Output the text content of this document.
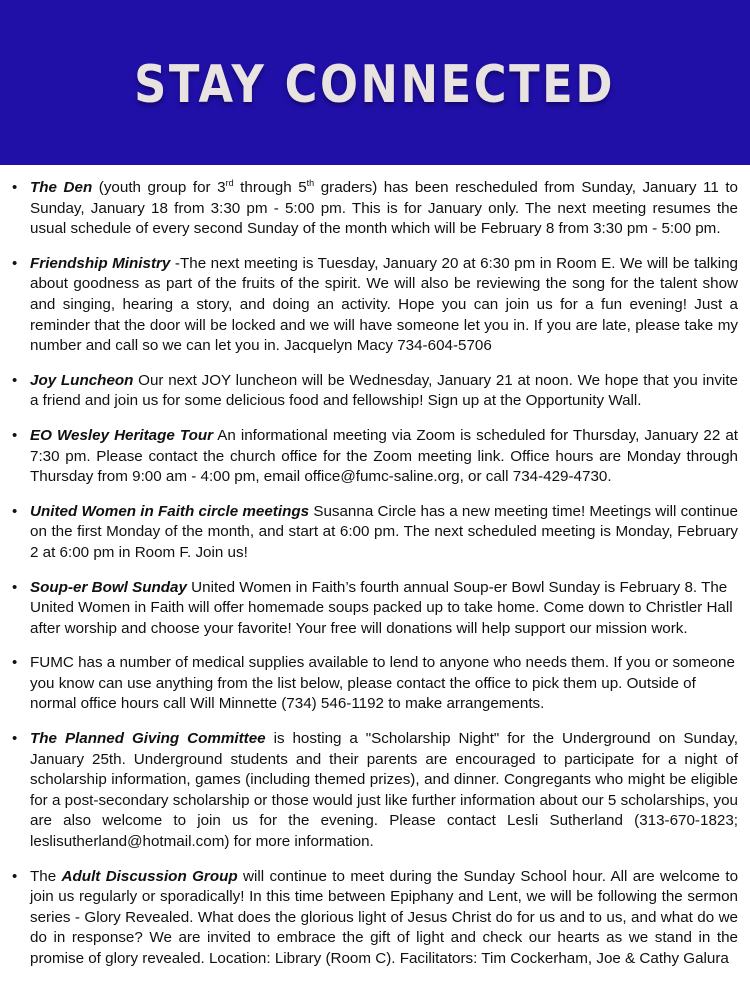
STAY CONNECTED
• The Den (youth group for 3rd through 5th graders) has been rescheduled from Sunday, January 11 to Sunday, January 18 from 3:30 pm - 5:00 pm. This is for January only. The next meeting resumes the usual schedule of every second Sunday of the month which will be February 8 from 3:30 pm - 5:00 pm.
• Friendship Ministry -The next meeting is Tuesday, January 20 at 6:30 pm in Room E. We will be talking about goodness as part of the fruits of the spirit. We will also be reviewing the song for the talent show and singing, hearing a story, and doing an activity. Hope you can join us for a fun evening! Just a reminder that the door will be locked and we will have someone let you in. If you are late, please take my number and call so we can let you in. Jacquelyn Macy 734-604-5706
• Joy Luncheon Our next JOY luncheon will be Wednesday, January 21 at noon. We hope that you invite a friend and join us for some delicious food and fellowship! Sign up at the Opportunity Wall.
• EO Wesley Heritage Tour An informational meeting via Zoom is scheduled for Thursday, January 22 at 7:30 pm. Please contact the church office for the Zoom meeting link. Office hours are Monday through Thursday from 9:00 am - 4:00 pm, email office@fumc-saline.org, or call 734-429-4730.
• United Women in Faith circle meetings Susanna Circle has a new meeting time! Meetings will continue on the first Monday of the month, and start at 6:00 pm. The next scheduled meeting is Monday, February 2 at 6:00 pm in Room F. Join us!
• Soup-er Bowl Sunday United Women in Faith’s fourth annual Soup-er Bowl Sunday is February 8. The United Women in Faith will offer homemade soups packed up to take home. Come down to Christler Hall after worship and choose your favorite! Your free will donations will help support our mission work.
• FUMC has a number of medical supplies available to lend to anyone who needs them. If you or someone you know can use anything from the list below, please contact the office to pick them up. Outside of normal office hours call Will Minnette (734) 546-1192 to make arrangements.
• The Planned Giving Committee is hosting a "Scholarship Night" for the Underground on Sunday, January 25th. Underground students and their parents are encouraged to participate for a night of scholarship information, games (including themed prizes), and dinner. Congregants who might be eligible for a post-secondary scholarship or those would just like further information about our 5 scholarships, you are also welcome to join us for the evening. Please contact Lesli Sutherland (313-670-1823; leslisutherland@hotmail.com) for more information.
• The Adult Discussion Group will continue to meet during the Sunday School hour. All are welcome to join us regularly or sporadically! In this time between Epiphany and Lent, we will be following the sermon series - Glory Revealed. What does the glorious light of Jesus Christ do for us and to us, and what do we do in response? We are invited to embrace the gift of light and check our hearts as we stand in the promise of glory revealed. Location: Library (Room C). Facilitators: Tim Cockerham, Joe & Cathy Galura
